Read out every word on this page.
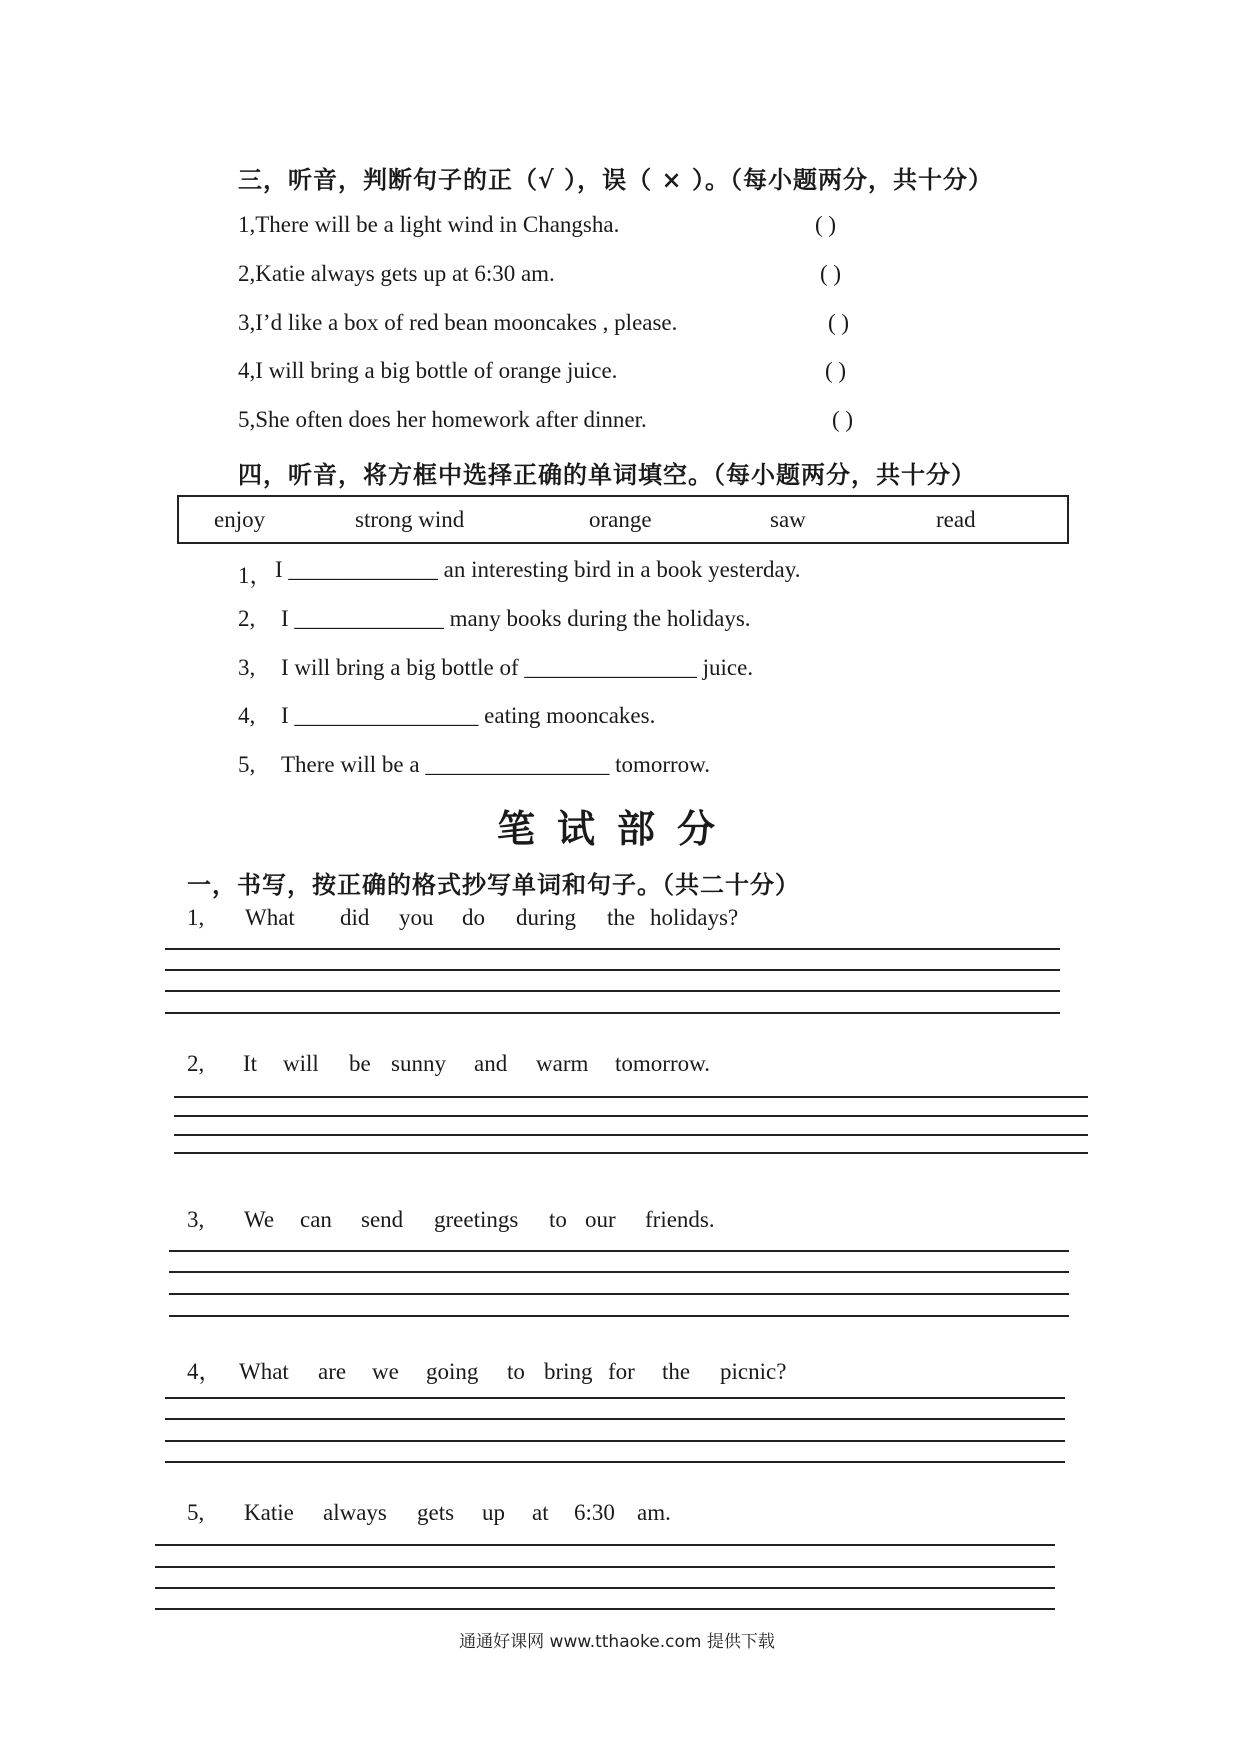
三，听音，判断句子的正（√ ），误（ × ）。（每小题两分，共十分）
1,There will be a light wind in Changsha.	( )
2,Katie always gets up at 6:30 am.	( )
3,I’d like a box of red bean mooncakes , please.	( )
4,I will bring a big bottle of orange juice.	( )
5,She often does her homework after dinner.	( )
四，听音，将方框中选择正确的单词填空。（每小题两分，共十分）
enjoy	strong wind	orange	saw	read
1， I _____________ an interesting bird in a book yesterday.
2, I _____________ many books during the holidays.
3, I will bring a big bottle of _______________ juice.
4, I ________________ eating mooncakes.
5, There will be a ________________ tomorrow.
笔试部分
一，书写，按正确的格式抄写单词和句子。（共二十分）
1, What did you do during the holidays?
2, It will be sunny and warm tomorrow.
3, We can send greetings to our friends.
4， What are we going to bring for the picnic?
5, Katie always gets up at 6:30 am.
通通好课网 www.tthaoke.com 提供下载
